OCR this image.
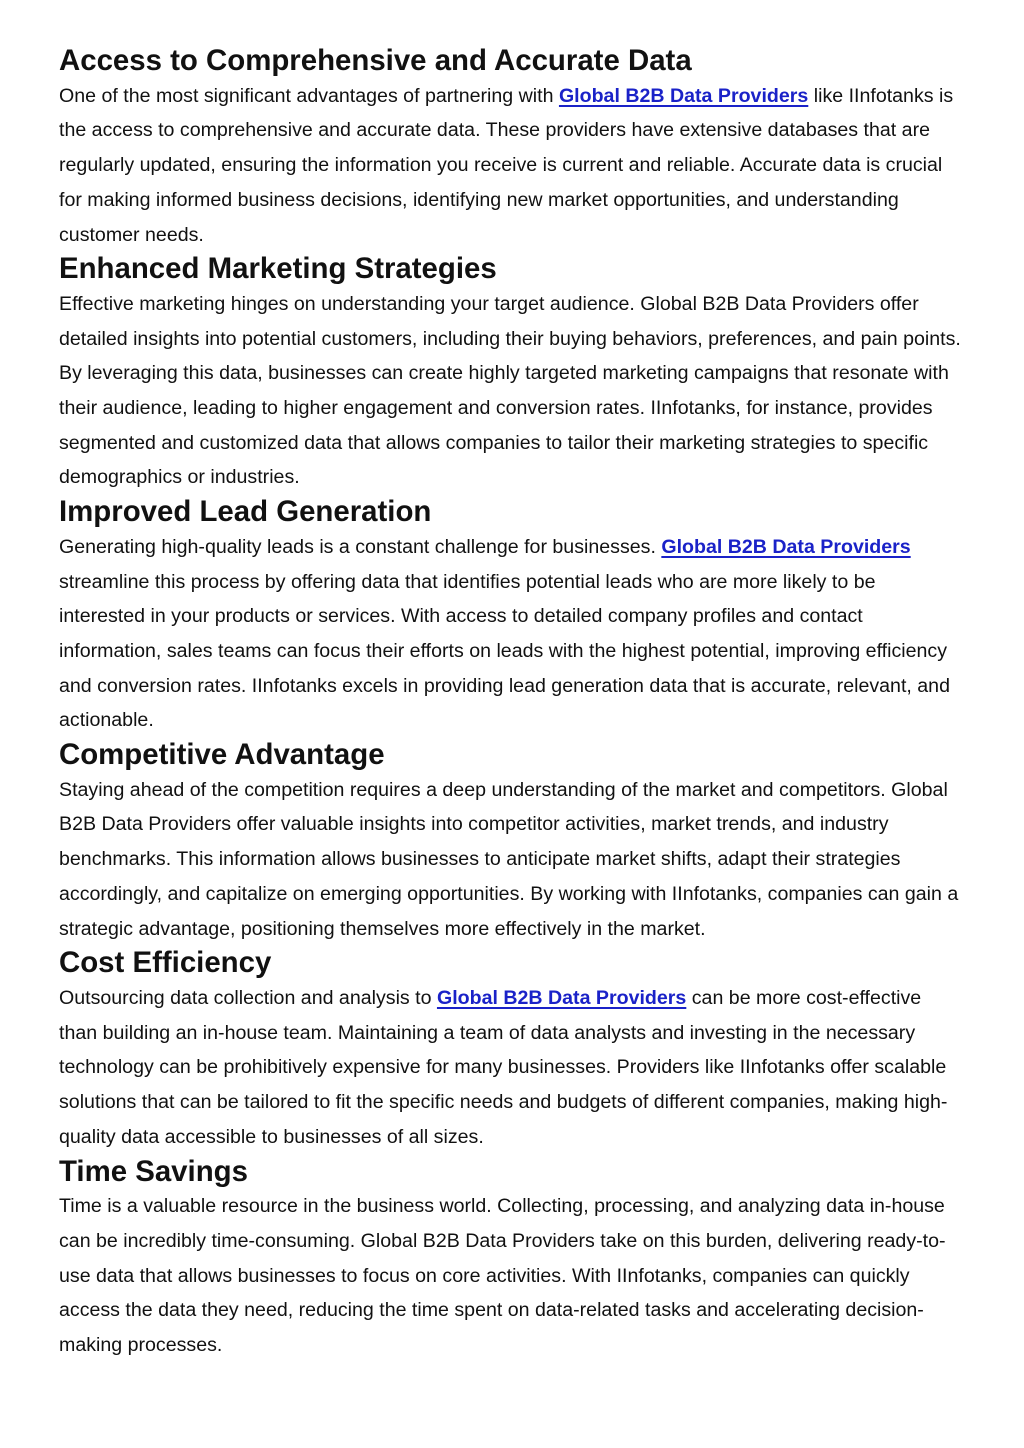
Access to Comprehensive and Accurate Data

One of the most significant advantages of partnering with Global B2B Data Providers like IInfotanks is the access to comprehensive and accurate data. These providers have extensive databases that are regularly updated, ensuring the information you receive is current and reliable. Accurate data is crucial for making informed business decisions, identifying new market opportunities, and understanding customer needs.

Enhanced Marketing Strategies

Effective marketing hinges on understanding your target audience. Global B2B Data Providers offer detailed insights into potential customers, including their buying behaviors, preferences, and pain points. By leveraging this data, businesses can create highly targeted marketing campaigns that resonate with their audience, leading to higher engagement and conversion rates. IInfotanks, for instance, provides segmented and customized data that allows companies to tailor their marketing strategies to specific demographics or industries.

Improved Lead Generation

Generating high-quality leads is a constant challenge for businesses. Global B2B Data Providers streamline this process by offering data that identifies potential leads who are more likely to be interested in your products or services. With access to detailed company profiles and contact information, sales teams can focus their efforts on leads with the highest potential, improving efficiency and conversion rates. IInfotanks excels in providing lead generation data that is accurate, relevant, and actionable.

Competitive Advantage

Staying ahead of the competition requires a deep understanding of the market and competitors. Global B2B Data Providers offer valuable insights into competitor activities, market trends, and industry benchmarks. This information allows businesses to anticipate market shifts, adapt their strategies accordingly, and capitalize on emerging opportunities. By working with IInfotanks, companies can gain a strategic advantage, positioning themselves more effectively in the market.

Cost Efficiency

Outsourcing data collection and analysis to Global B2B Data Providers can be more cost-effective than building an in-house team. Maintaining a team of data analysts and investing in the necessary technology can be prohibitively expensive for many businesses. Providers like IInfotanks offer scalable solutions that can be tailored to fit the specific needs and budgets of different companies, making high-quality data accessible to businesses of all sizes.

Time Savings

Time is a valuable resource in the business world. Collecting, processing, and analyzing data in-house can be incredibly time-consuming. Global B2B Data Providers take on this burden, delivering ready-to-use data that allows businesses to focus on core activities. With IInfotanks, companies can quickly access the data they need, reducing the time spent on data-related tasks and accelerating decision-making processes.
